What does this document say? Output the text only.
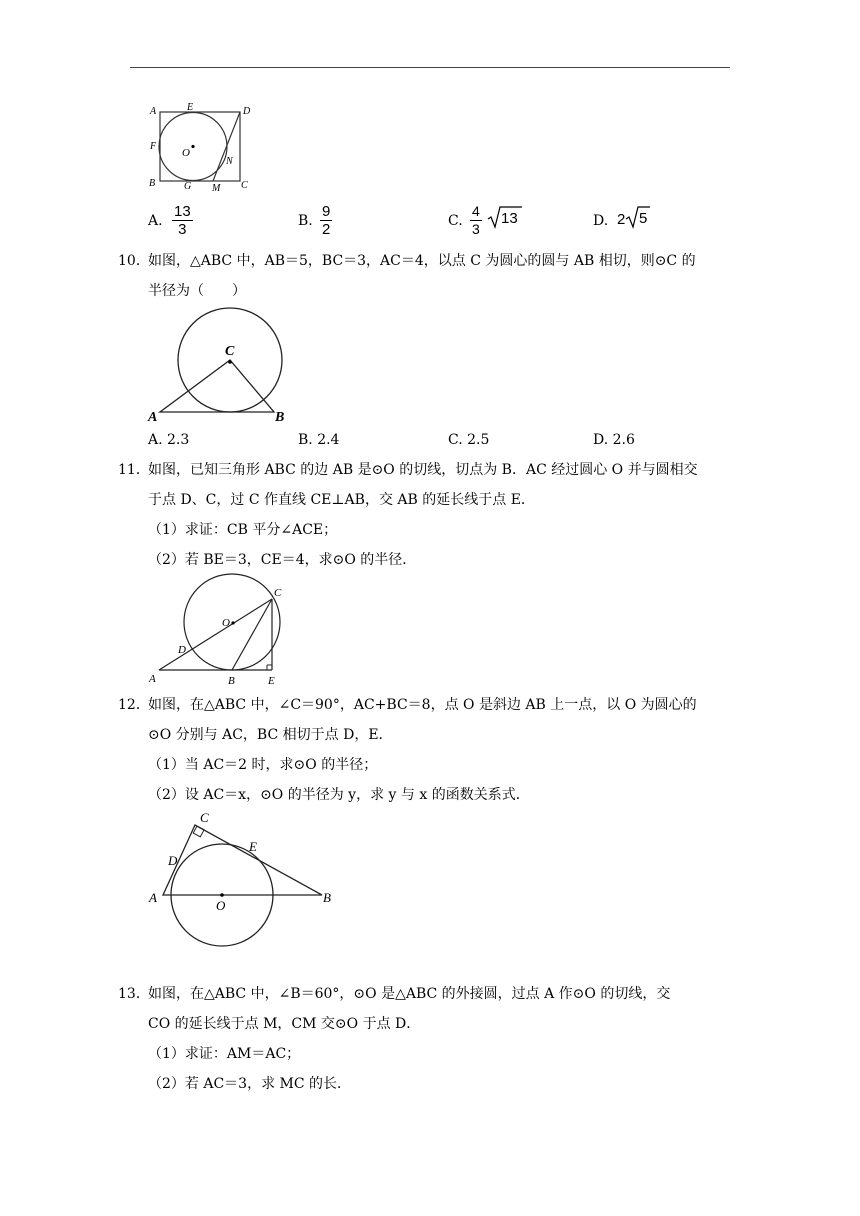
A	E	D
F
O
N
B	G M C
A. $\frac{13}{3}$	B. $\frac{9}{2}$	C. $\frac{4}{3} 13$	D. 2 5
10．
如图，△ABC 中，AB＝5，BC＝3，AC＝4，以点 C 为圆心的圆与 AB 相切，则⊙C 的
半径为（　　）
C
A	B
A. 2.3	B. 2.4	C. 2.5	D. 2.6
11．
如图，已知三角形 ABC 的边 AB 是⊙O 的切线，切点为 B．AC 经过圆心 O 并与圆相交
于点 D、C，过 C 作直线 CE⊥AB，交 AB 的延长线于点 E．
（1）求证：CB 平分∠ACE；
（2）若 BE＝3，CE＝4，求⊙O 的半径．
C
O
D
A	B	E
12．
如图，在△ABC 中，∠C＝90°，AC+BC＝8，点 O 是斜边 AB 上一点，以 O 为圆心的
⊙O 分别与 AC，BC 相切于点 D，E．
（1）当 AC＝2 时，求⊙O 的半径；
（2）设 AC＝x，⊙O 的半径为 y，求 y 与 x 的函数关系式．
C
D
E
A
O
B
13．
如图，在△ABC 中，∠B＝60°，⊙O 是△ABC 的外接圆，过点 A 作⊙O 的切线，交
CO 的延长线于点 M，CM 交⊙O 于点 D．
（1）求证：AM＝AC；
（2）若 AC＝3，求 MC 的长．
